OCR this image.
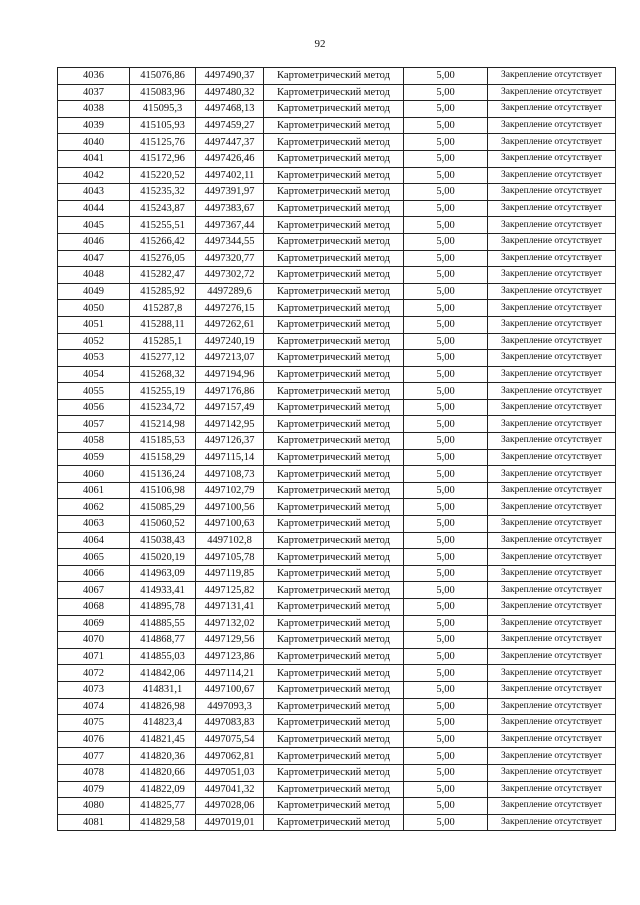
92
4036	415076,86	4497490,37	Картометрический метод	5,00	Закрепление отсутствует
4037	415083,96	4497480,32	Картометрический метод	5,00	Закрепление отсутствует
4038	415095,3	4497468,13	Картометрический метод	5,00	Закрепление отсутствует
4039	415105,93	4497459,27	Картометрический метод	5,00	Закрепление отсутствует
4040	415125,76	4497447,37	Картометрический метод	5,00	Закрепление отсутствует
4041	415172,96	4497426,46	Картометрический метод	5,00	Закрепление отсутствует
4042	415220,52	4497402,11	Картометрический метод	5,00	Закрепление отсутствует
4043	415235,32	4497391,97	Картометрический метод	5,00	Закрепление отсутствует
4044	415243,87	4497383,67	Картометрический метод	5,00	Закрепление отсутствует
4045	415255,51	4497367,44	Картометрический метод	5,00	Закрепление отсутствует
4046	415266,42	4497344,55	Картометрический метод	5,00	Закрепление отсутствует
4047	415276,05	4497320,77	Картометрический метод	5,00	Закрепление отсутствует
4048	415282,47	4497302,72	Картометрический метод	5,00	Закрепление отсутствует
4049	415285,92	4497289,6	Картометрический метод	5,00	Закрепление отсутствует
4050	415287,8	4497276,15	Картометрический метод	5,00	Закрепление отсутствует
4051	415288,11	4497262,61	Картометрический метод	5,00	Закрепление отсутствует
4052	415285,1	4497240,19	Картометрический метод	5,00	Закрепление отсутствует
4053	415277,12	4497213,07	Картометрический метод	5,00	Закрепление отсутствует
4054	415268,32	4497194,96	Картометрический метод	5,00	Закрепление отсутствует
4055	415255,19	4497176,86	Картометрический метод	5,00	Закрепление отсутствует
4056	415234,72	4497157,49	Картометрический метод	5,00	Закрепление отсутствует
4057	415214,98	4497142,95	Картометрический метод	5,00	Закрепление отсутствует
4058	415185,53	4497126,37	Картометрический метод	5,00	Закрепление отсутствует
4059	415158,29	4497115,14	Картометрический метод	5,00	Закрепление отсутствует
4060	415136,24	4497108,73	Картометрический метод	5,00	Закрепление отсутствует
4061	415106,98	4497102,79	Картометрический метод	5,00	Закрепление отсутствует
4062	415085,29	4497100,56	Картометрический метод	5,00	Закрепление отсутствует
4063	415060,52	4497100,63	Картометрический метод	5,00	Закрепление отсутствует
4064	415038,43	4497102,8	Картометрический метод	5,00	Закрепление отсутствует
4065	415020,19	4497105,78	Картометрический метод	5,00	Закрепление отсутствует
4066	414963,09	4497119,85	Картометрический метод	5,00	Закрепление отсутствует
4067	414933,41	4497125,82	Картометрический метод	5,00	Закрепление отсутствует
4068	414895,78	4497131,41	Картометрический метод	5,00	Закрепление отсутствует
4069	414885,55	4497132,02	Картометрический метод	5,00	Закрепление отсутствует
4070	414868,77	4497129,56	Картометрический метод	5,00	Закрепление отсутствует
4071	414855,03	4497123,86	Картометрический метод	5,00	Закрепление отсутствует
4072	414842,06	4497114,21	Картометрический метод	5,00	Закрепление отсутствует
4073	414831,1	4497100,67	Картометрический метод	5,00	Закрепление отсутствует
4074	414826,98	4497093,3	Картометрический метод	5,00	Закрепление отсутствует
4075	414823,4	4497083,83	Картометрический метод	5,00	Закрепление отсутствует
4076	414821,45	4497075,54	Картометрический метод	5,00	Закрепление отсутствует
4077	414820,36	4497062,81	Картометрический метод	5,00	Закрепление отсутствует
4078	414820,66	4497051,03	Картометрический метод	5,00	Закрепление отсутствует
4079	414822,09	4497041,32	Картометрический метод	5,00	Закрепление отсутствует
4080	414825,77	4497028,06	Картометрический метод	5,00	Закрепление отсутствует
4081	414829,58	4497019,01	Картометрический метод	5,00	Закрепление отсутствует
